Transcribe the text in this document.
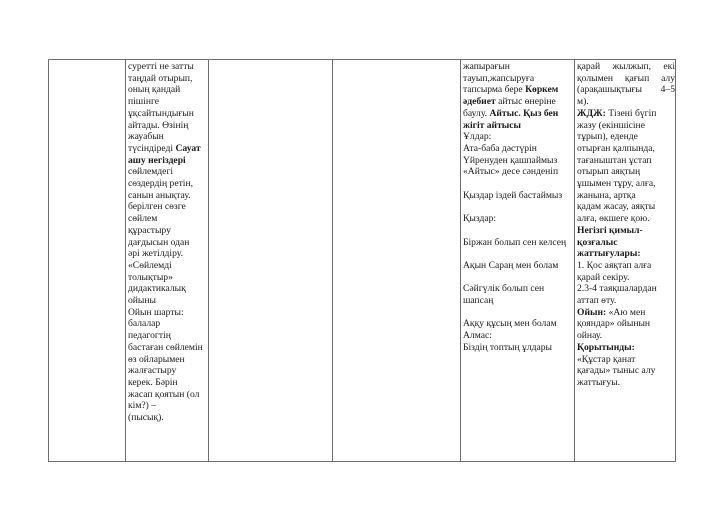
суретті не затты

таңдай отырып,

оның қандай

пішінге

ұқсайтындығын

айтады. Өзінің

жауабын

түсіндіреді Сауат

ашу негіздері

сөйлемдегі

сөздердің ретін,

санын анықтау.

берілген сөзге

сөйлем

құрастыру

дағдысын одан

әрі жетілдіру.

«Сөйлемді

толықтыр»

дидактикалық

ойыны

Ойын шарты:

балалар

педагогтің

бастаған сөйлемін

өз ойларымен

жалғастыру

керек. Бәрін

жасап қоятын (ол

кім?) –

(пысық).

жапырағын

тауып,жапсыруға

тапсырма бере Көркем

әдебиет айтыс өнеріне

баулу. Айтыс. Қыз бен

жігіт айтысы

Ұлдар:

Ата-баба дәстүрін

Үйренуден қашпаймыз

«Айтыс» десе сәнденіп

Қыздар іздей бастаймыз

Қыздар:

Біржан болып сен келсең

Ақын Сараң мен болам

Сәйгүлік болып сен

шапсаң

Аққу құсың мен болам

Алмас:

Біздің топтың ұлдары

қарай жылжып, екі

қолымен қағып алу

(арақашықтығы 4–5

м).

ЖДЖ: Тізені бүгіп

жазу (екіншісіне

тұрып), еденде

отырған қалпында,

тағаныштан ұстап

отырып аяқтың

ұшымен тұру, алға,

жанына, артқа

қадам жасау, аяқты

алға, өкшеге қою.

Негізгі қимыл-

қозғалыс

жаттығулары:

1. Қос аяқтап алға

қарай секіру.

2.3-4 таяқшалардан

аттап өту.

Ойын: «Аю мен

қояндар» ойынын

ойнау.

Қорытынды:

«Құстар қанат

қағады» тыныс алу

жаттығуы.
